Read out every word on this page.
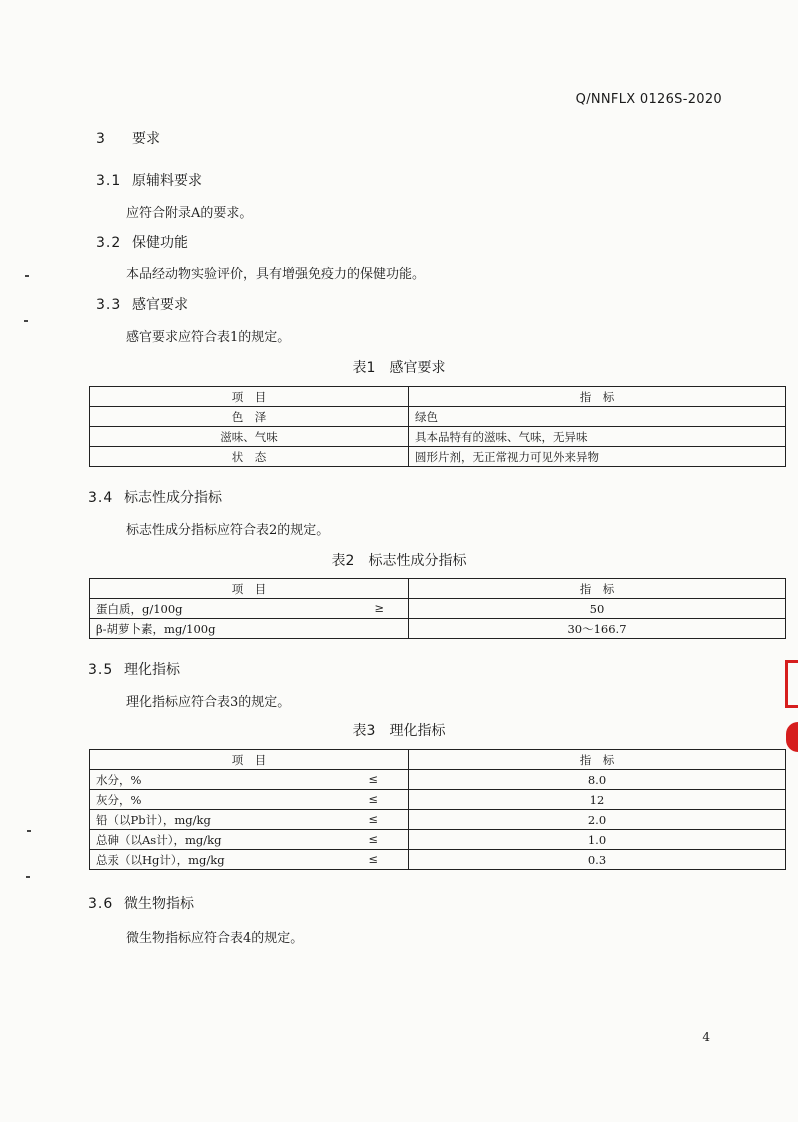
Q/NNFLX 0126S-2020
3 要求
3.1 原辅料要求
应符合附录A的要求。
3.2 保健功能
本品经动物实验评价，具有增强免疫力的保健功能。
3.3 感官要求
感官要求应符合表1的规定。
表1　感官要求
项　目	指　标
色　泽	绿色
滋味、气味	具本品特有的滋味、气味，无异味
状　态	圆形片剂，无正常视力可见外来异物
3.4 标志性成分指标
标志性成分指标应符合表2的规定。
表2　标志性成分指标
项　目	指　标
蛋白质，g/100g ≥	50
β-胡萝卜素，mg/100g	30～166.7
3.5 理化指标
理化指标应符合表3的规定。
表3　理化指标
项　目	指　标
水分，% ≤	8.0
灰分，% ≤	12
铅（以Pb计），mg/kg ≤	2.0
总砷（以As计），mg/kg ≤	1.0
总汞（以Hg计），mg/kg ≤	0.3
3.6 微生物指标
微生物指标应符合表4的规定。
4
